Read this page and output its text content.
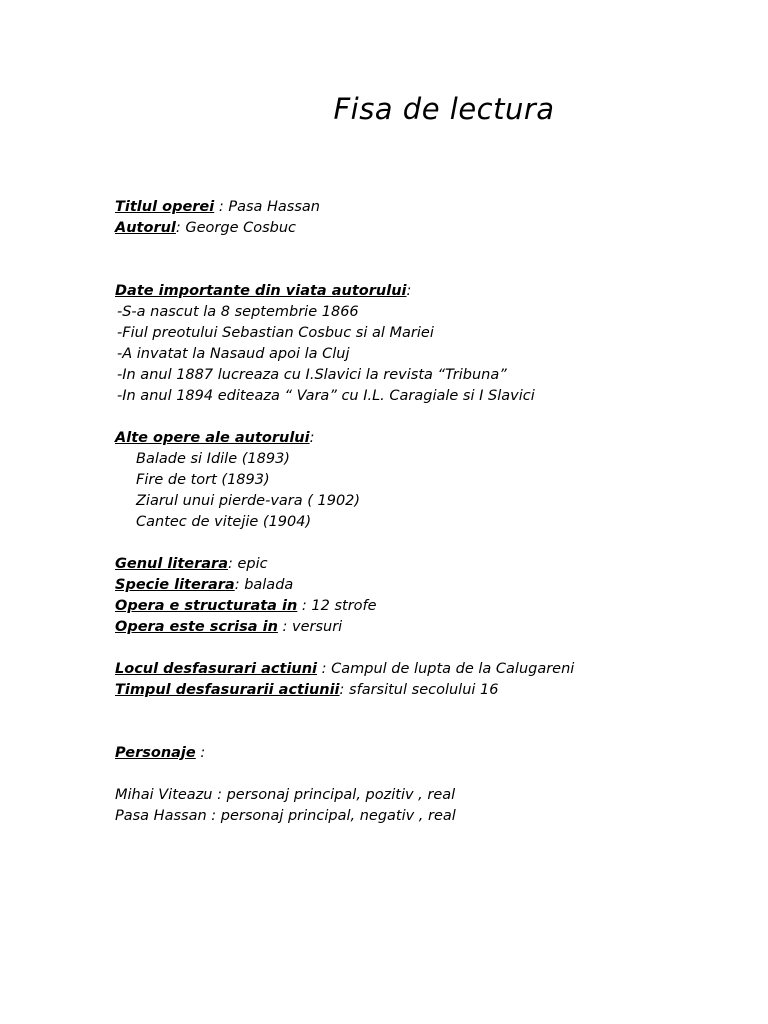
Fisa de lectura
Titlul operei : Pasa Hassan
Autorul: George Cosbuc
Date importante din viata autorului:
-S-a nascut la 8 septembrie 1866
-Fiul preotului Sebastian Cosbuc si al Mariei
-A invatat la Nasaud apoi la Cluj
-In anul 1887 lucreaza cu I.Slavici la revista “Tribuna”
-In anul 1894 editeaza “ Vara” cu I.L. Caragiale si I Slavici
Alte opere ale autorului:
Balade si Idile (1893)
Fire de tort (1893)
Ziarul unui pierde-vara ( 1902)
Cantec de vitejie (1904)
Genul literara: epic
Specie literara: balada
Opera e structurata in : 12 strofe
Opera este scrisa in : versuri
Locul desfasurari actiuni : Campul de lupta de la Calugareni
Timpul desfasurarii actiunii: sfarsitul secolului 16
Personaje :
Mihai Viteazu : personaj principal, pozitiv , real
Pasa Hassan : personaj principal, negativ , real
